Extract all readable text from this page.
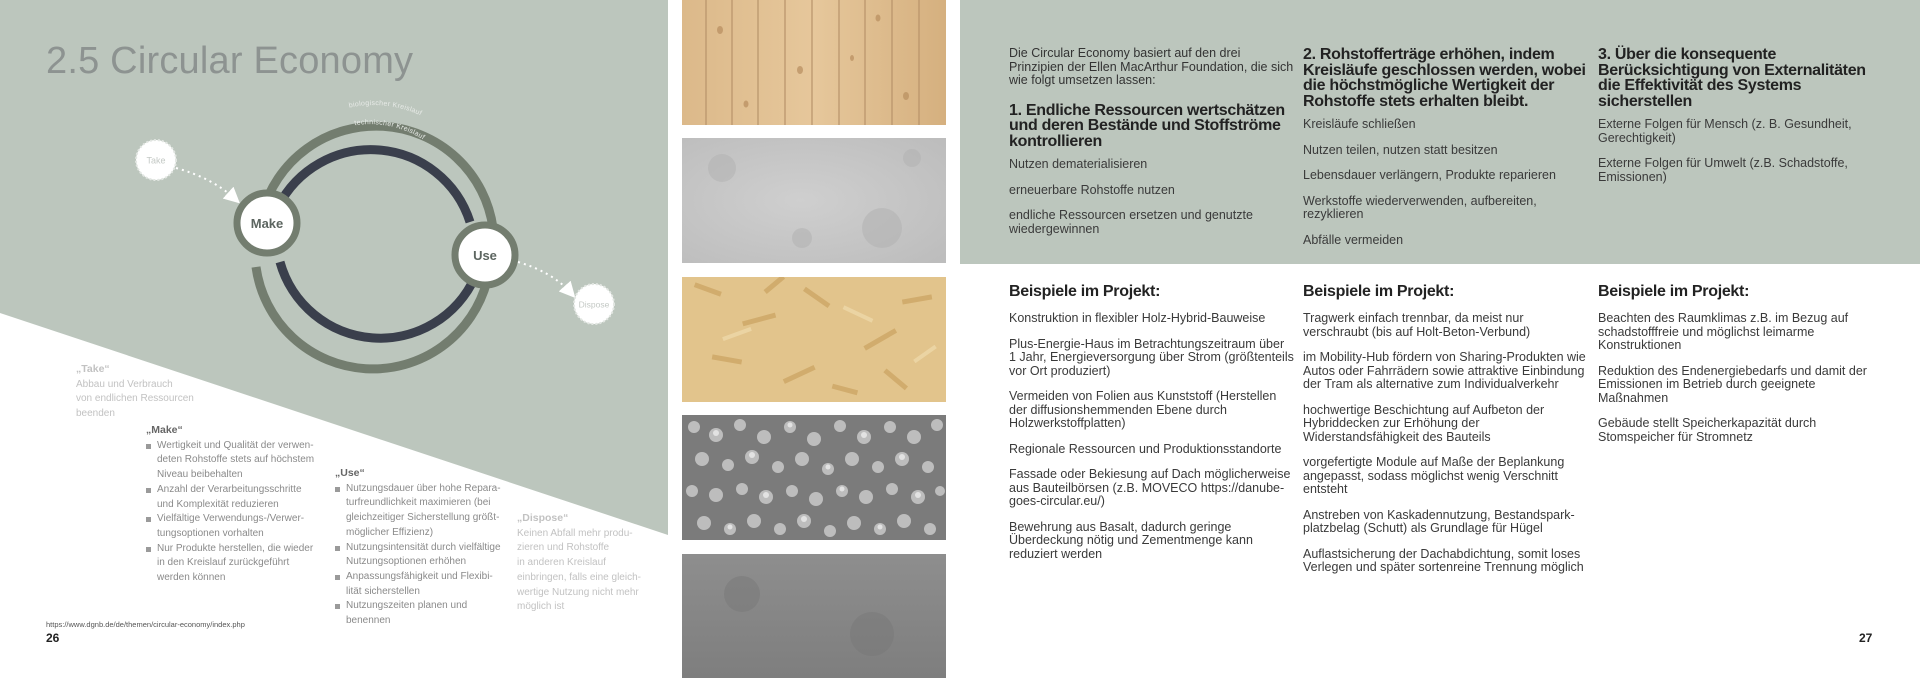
2.5 Circular Economy
biologischer Kreislauf
technischer Kreislauf
Take
Dispose
Make
Use
„Take“
Abbau und Verbrauch
von endlichen Ressourcen
beenden
„Make“
Wertigkeit und Qualität der verwen-
deten Rohstoffe stets auf höchstem
Niveau beibehalten
Anzahl der Verarbeitungsschritte
und Komplexität reduzieren
Vielfältige Verwendungs-/Verwer-
tungsoptionen vorhalten
Nur Produkte herstellen, die wieder
in den Kreislauf zurückgeführt
werden können
„Use“
Nutzungsdauer über hohe Repara-
turfreundlichkeit maximieren (bei
gleichzeitiger Sicherstellung größt-
möglicher Effizienz)
Nutzungsintensität durch vielfältige
Nutzungsoptionen erhöhen
Anpassungsfähigkeit und Flexibi-
lität sicherstellen
Nutzungszeiten planen und
benennen
„Dispose“
Keinen Abfall mehr produ-
zieren und Rohstoffe
in anderen Kreislauf
einbringen, falls eine gleich-
wertige Nutzung nicht mehr
möglich ist
https://www.dgnb.de/de/themen/circular-economy/index.php
26

Die Circular Economy basiert auf den drei Prinzipien der Ellen MacArthur Foundation, die sich wie folgt umsetzen lassen:

1. Endliche Ressourcen wertschätzen und deren Bestände und Stoffströme kontrollieren

Nutzen dematerialisieren

erneuerbare Rohstoffe nutzen

endliche Ressourcen ersetzen und genutzte wiedergewinnen

2. Rohstofferträge erhöhen, indem Kreisläufe geschlossen werden, wobei die höchstmögliche Wertigkeit der Rohstoffe stets erhalten bleibt.

Kreisläufe schließen

Nutzen teilen, nutzen statt besitzen

Lebensdauer verlängern, Produkte reparieren

Werkstoffe wiederverwenden, aufbereiten, rezyklieren

Abfälle vermeiden

3. Über die konsequente Berücksichtigung von Externalitäten die Effektivität des Systems sicherstellen

Externe Folgen für Mensch (z. B. Gesundheit, Gerechtigkeit)

Externe Folgen für Umwelt (z.B. Schadstoffe, Emissionen)

Beispiele im Projekt:

Konstruktion in flexibler Holz-Hybrid-Bauweise

Plus-Energie-Haus im Betrachtungszeitraum über 1 Jahr, Energieversorgung über Strom (größtenteils vor Ort produziert)

Vermeiden von Folien aus Kunststoff (Herstellen der diffusionshemmenden Ebene durch Holzwerkstoffplatten)

Regionale Ressourcen und Produktionsstandorte

Fassade oder Bekiesung auf Dach möglicherweise aus Bauteilbörsen (z.B. MOVECO https://danube-goes-circular.eu/)

Bewehrung aus Basalt, dadurch geringe Überdeckung nötig und Zementmenge kann reduziert werden

Beispiele im Projekt:

Tragwerk einfach trennbar, da meist nur verschraubt (bis auf Holt-Beton-Verbund)

im Mobility-Hub fördern von Sharing-Produkten wie Autos oder Fahrrädern sowie attraktive Einbindung der Tram als alternative zum Individualverkehr

hochwertige Beschichtung auf Aufbeton der Hybriddecken zur Erhöhung der Widerstandsfähigkeit des Bauteils

vorgefertigte Module auf Maße der Beplankung angepasst, sodass möglichst wenig Verschnitt entsteht

Anstreben von Kaskadennutzung, Bestandspark-platzbelag (Schutt) als Grundlage für Hügel

Auflastsicherung der Dachabdichtung, somit loses Verlegen und später sortenreine Trennung möglich

Beispiele im Projekt:

Beachten des Raumklimas z.B. im Bezug auf schadstofffreie und möglichst leimarme Konstruktionen

Reduktion des Endenergiebedarfs und damit der Emissionen im Betrieb durch geeignete Maßnahmen

Gebäude stellt Speicherkapazität durch Stomspeicher für Stromnetz

27
